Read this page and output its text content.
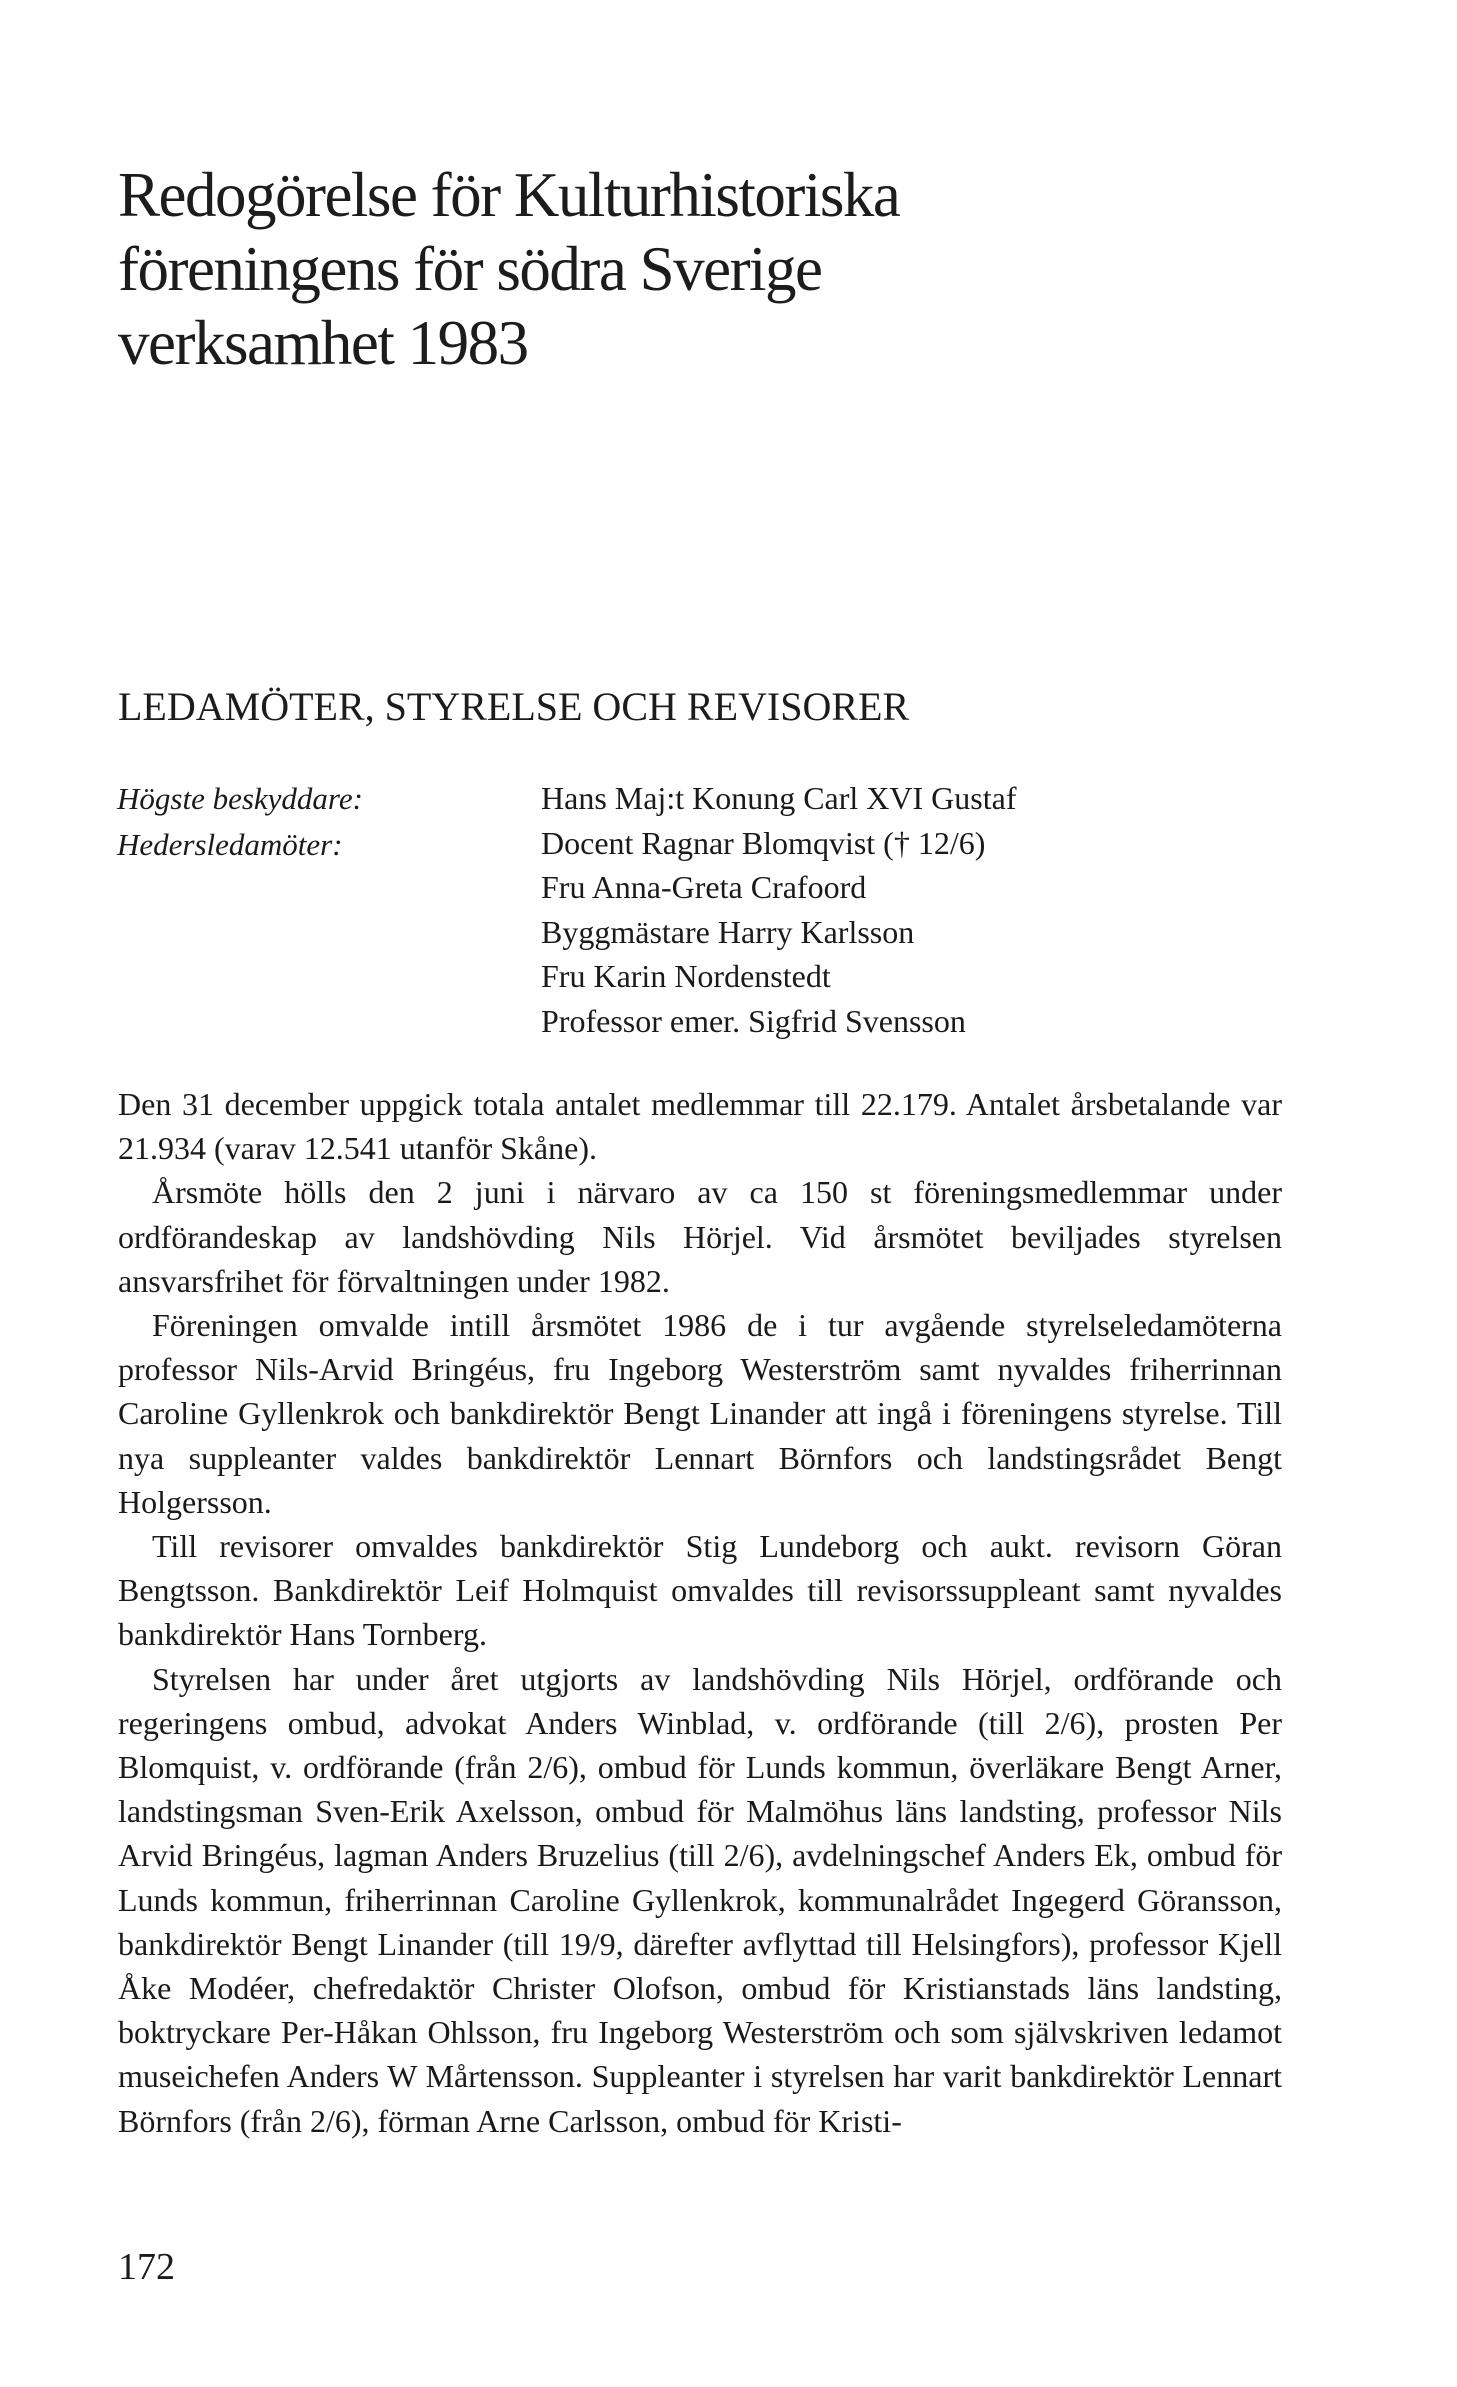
Redogörelse för Kulturhistoriska
föreningens för södra Sverige
verksamhet 1983
LEDAMÖTER, STYRELSE OCH REVISORER
Högste beskyddare:
Hedersledamöter:
Hans Maj:t Konung Carl XVI Gustaf
Docent Ragnar Blomqvist († 12/6)
Fru Anna-Greta Crafoord
Byggmästare Harry Karlsson
Fru Karin Nordenstedt
Professor emer. Sigfrid Svensson

Den 31 december uppgick totala antalet medlemmar till 22.179. Antalet årsbetalande var 21.934 (varav 12.541 utanför Skåne).

Årsmöte hölls den 2 juni i närvaro av ca 150 st föreningsmedlemmar under ordförandeskap av landshövding Nils Hörjel. Vid årsmötet beviljades styrelsen ansvarsfrihet för förvaltningen under 1982.

Föreningen omvalde intill årsmötet 1986 de i tur avgående styrelseledamöterna professor Nils-Arvid Bringéus, fru Ingeborg Westerström samt nyvaldes friherrinnan Caroline Gyllenkrok och bankdirektör Bengt Linander att ingå i föreningens styrelse. Till nya suppleanter valdes bankdirektör Lennart Börnfors och landstingsrådet Bengt Holgersson.

Till revisorer omvaldes bankdirektör Stig Lundeborg och aukt. revisorn Göran Bengtsson. Bankdirektör Leif Holmquist omvaldes till revisorssuppleant samt nyvaldes bankdirektör Hans Tornberg.

Styrelsen har under året utgjorts av landshövding Nils Hörjel, ordförande och regeringens ombud, advokat Anders Winblad, v. ordförande (till 2/6), prosten Per Blomquist, v. ordförande (från 2/6), ombud för Lunds kommun, överläkare Bengt Arner, landstingsman Sven-Erik Axelsson, ombud för Malmöhus läns landsting, professor Nils Arvid Bringéus, lagman Anders Bruzelius (till 2/6), avdelningschef Anders Ek, ombud för Lunds kommun, friherrinnan Caroline Gyllenkrok, kommunalrådet Ingegerd Göransson, bankdirektör Bengt Linander (till 19/9, därefter avflyttad till Helsingfors), professor Kjell Åke Modéer, chefredaktör Christer Olofson, ombud för Kristianstads läns landsting, boktryckare Per-Håkan Ohlsson, fru Ingeborg Westerström och som självskriven ledamot museichefen Anders W Mårtensson. Suppleanter i styrelsen har varit bankdirektör Lennart Börnfors (från 2/6), förman Arne Carlsson, ombud för Kristi-

172
